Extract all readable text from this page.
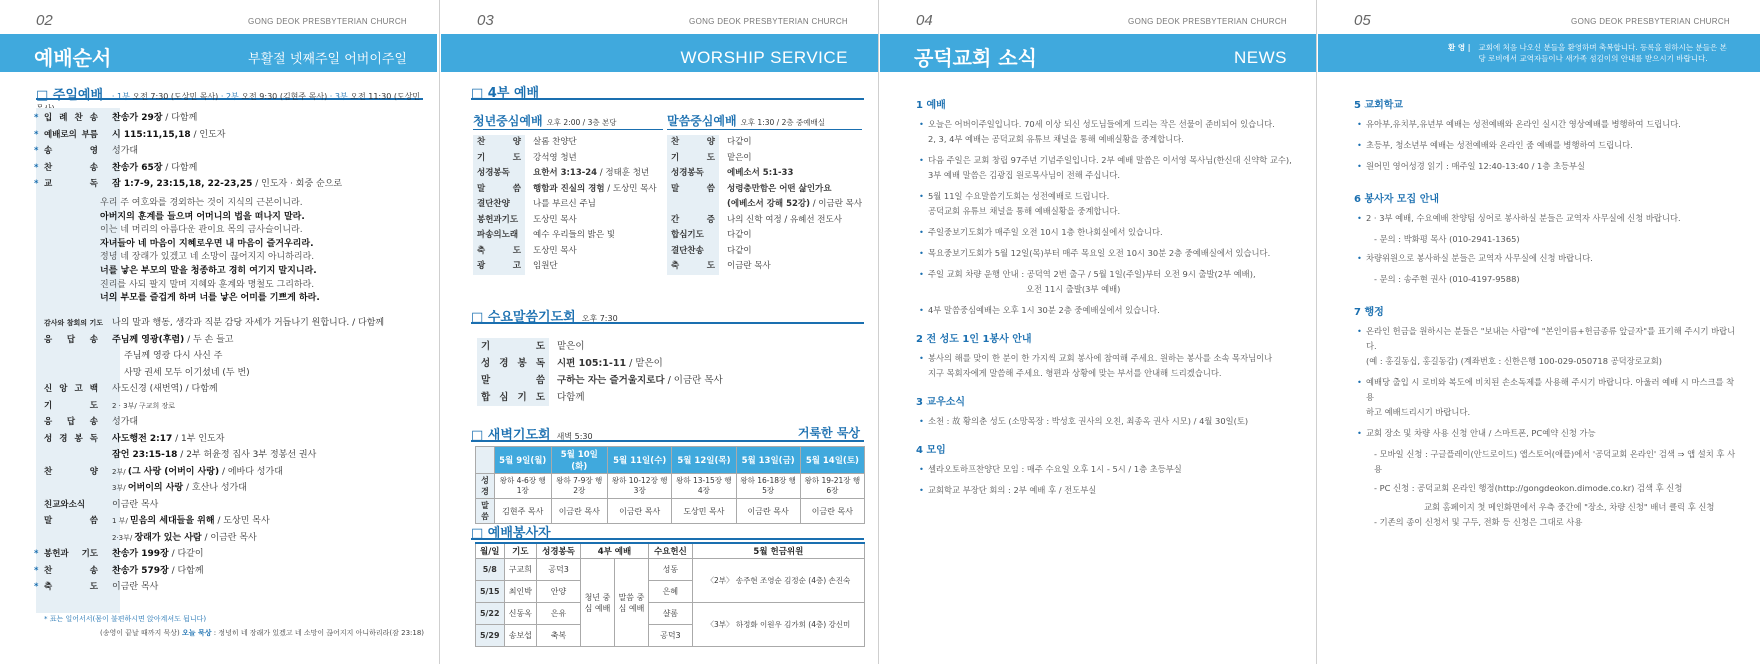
02	GONG DEOK PRESBYTERIAN CHURCH
예배순서	부활절 넷째주일 어버이주일
□ 주일예배 · 1부 오전 7:30 (도상민 목사) · 2부 오전 9:30 (김현주 목사) · 3부 오전 11:30 (도상민
* 입 례 찬 송	찬송가 29장 / 다함께
* 예배로의 부름	시 115:11,15,18 / 인도자
* 송 영	성가대
* 찬 송	찬송가 65장 / 다함께
* 교 독	잠 1:7-9, 23:15,18, 22-23,25 / 인도자 · 회중 순으로
우리 주 여호와를 경외하는 것이 지식의 근본이니라.
아버지의 훈계를 들으며 어머니의 법을 떠나지 말라.
이는 네 머리의 아름다운 관이요 목의 금사슬이니라.
자녀들아 네 마음이 지혜로우면 내 마음이 즐거우리라.
정녕 네 장래가 있겠고 네 소망이 끊어지지 아니하리라.
너를 낳은 부모의 말을 청종하고 경히 여기지 말지니라.
진리를 사되 팔지 말며 지혜와 훈계와 명철도 그리하라.
너의 부모를 즐겁게 하며 너를 낳은 어미를 기쁘게 하라.
감사와 참회의 기도	나의 말과 행동, 생각과 직분 감당 자세가 거듭나기 원합니다. / 다함께
응 답 송	주님께 영광(후렴) / 두 손 들고
주님께 영광 다시 사신 주
사망 권세 모두 이기셨네 (두 번)
신 앙 고 백	사도신경 (새번역) / 다함께
기 도	2 · 3부/ 구교희 장로
응 답 송	성가대
성 경 봉 독	사도행전 2:17 / 1부 인도자
잠언 23:15-18 / 2부 허윤정 집사 3부 정봉선 권사
찬 양	2부/ (그 사랑 (어버이 사랑) / 에바다 성가대
3부/ 어버이의 사랑 / 호산나 성가대
친교와소식	이금란 목사
말 씀	1 부/ 믿음의 세대들을 위해 / 도상민 목사
2·3부/ 장래가 있는 사람 / 이금란 목사
* 봉헌과 기도	찬송가 199장 / 다같이
* 찬 송	찬송가 579장 / 다함께
* 축 도	이금란 목사
* 표는 일어서서(몸이 불편하시면 앉아계셔도 됩니다)
(송영이 끝날 때까지 묵상) 오늘 묵상 : 정녕히 네 장래가 있겠고 네 소망이 끊어지지 아니하리라(잠 23:18)
03	GONG DEOK PRESBYTERIAN CHURCH
WORSHIP SERVICE
□ 4부 예배
청년중심예배 오후 2:00 / 3층 본당	말씀중심예배 오후 1:30 / 2층 중예배실
찬 양	살롬 찬양단
기 도	강석영 청년
성경봉독	요한서 3:13-24 / 정태훈 청년
말 씀	행함과 진실의 경험 / 도상민 목사
결단찬양	나를 부르신 주님
봉헌과기도	도상민 목사
파송의노래	예수 우리들의 밝은 빛
축 도	도상민 목사
광 고	임원단
찬 양	다같이
기 도	맡은이
성경봉독	에베소서 5:1-33
말 씀	성령충만함은 어떤 삶인가요
(에베소서 강해 52강) / 이금란 목사
간 증	나의 신학 여정 / 유혜선 전도사
합심기도	다같이
결단찬송	다같이
축 도	이금란 목사
□ 수요말씀기도회 오후 7:30
기 도	맡은이
성 경 봉 독	시편 105:1-11 / 맡은이
말 씀	구하는 자는 즐거울지로다 / 이금란 목사
합 심 기 도	다함께
□ 새벽기도회 새벽 5:30	거룩한 묵상
	5월 9일(월)	5월 10일(화)	5월 11일(수)	5월 12일(목)	5월 13일(금)	5월 14일(토)
성경	왕하 4-6장 행 1장	왕하 7-9장 행 2장	왕하 10-12장 행 3장	왕하 13-15장 행 4장	왕하 16-18장 행 5장	왕하 19-21장 행 6장
말씀	김현주 목사	이금란 목사	이금란 목사	도상민 목사	이금란 목사	이금란 목사
□ 예배봉사자
월/일	기도	성경봉독	4부 예배		수요헌신	5월 헌금위원
5/8	구교희	공덕3	청년 중심 예배	말씀 중심 예배	성동	〈2부〉 송주현 조영순 김정순 (4층) 손진숙
5/15	최인박	안양			은혜	
5/22	신동옥	은유			샬롬	〈3부〉 하정화 이원우 김가희 (4층) 강신미
5/29	송보섭	축복			공덕3	
04	GONG DEOK PRESBYTERIAN CHURCH
공덕교회 소식	NEWS
1 예배
• 오늘은 어버이주일입니다. 70세 이상 되신 성도님들에게 드리는 작은 선물이 준비되어 있습니다.
2, 3, 4부 예배는 공덕교회 유튜브 채널을 통해 예배실황을 중계합니다.
• 다음 주일은 교회 창립 97주년 기념주일입니다. 2부 예배 말씀은 이서영 목사님(한신대 신약학 교수),
3부 예배 말씀은 김광집 원로목사님이 전해 주십니다.
• 5월 11일 수요말씀기도회는 성전예배로 드립니다.
공덕교회 유튜브 채널을 통해 예배실황을 중계합니다.
• 주일중보기도회가 매주일 오전 10시 1층 한나회실에서 있습니다.
• 목요중보기도회가 5월 12일(목)부터 매주 목요일 오전 10시 30분 2층 중예배실에서 있습니다.
• 주일 교회 차량 운행 안내 : 공덕역 2번 출구 / 5월 1일(주일)부터 오전 9시 출발(2부 예배),
오전 11시 출발(3부 예배)
• 4부 말씀중심예배는 오후 1시 30분 2층 중예배실에서 있습니다.
2 전 성도 1인 1봉사 안내
• 봉사의 해를 맞이 한 분이 한 가지씩 교회 봉사에 참여해 주세요. 원하는 봉사를 소속 목자님이나
지구 목회자에게 말씀해 주세요. 형편과 상황에 맞는 부서를 안내해 드리겠습니다.
3 교우소식
• 소천 : 故 황의춘 성도 (소망목장 : 박성호 권사의 오친, 최종옥 권사 시모) / 4월 30일(토)
4 모임
• 셀라오토하프찬양단 모임 : 매주 수요일 오후 1시 - 5시 / 1층 초등부실
• 교회학교 부장단 회의 : 2부 예배 후 / 전도부실
05	GONG DEOK PRESBYTERIAN CHURCH
환 영 | 교회에 처음 나오신 분들을 환영하며 축복합니다. 등록을 원하시는 분들은 본당 로비에서 교역자들이나 새가족 섬김이의 안내를 받으시기 바랍니다.
5 교회학교
• 유아부,유치부,유년부 예배는 성전예배와 온라인 실시간 영상예배를 병행하여 드립니다.
• 초등부, 청소년부 예배는 성전예배와 온라인 줌 예배를 병행하여 드립니다.
• 원어민 영어성경 읽기 : 매주일 12:40-13:40 / 1층 초등부실
6 봉사자 모집 안내
• 2 · 3부 예배, 수요예배 찬양팀 싱어로 봉사하실 분들은 교역자 사무실에 신청 바랍니다.
- 문의 : 박화평 목사 (010-2941-1365)
• 차량위원으로 봉사하실 분들은 교역자 사무실에 신청 바랍니다.
- 문의 : 송주현 권사 (010-4197-9588)
7 행정
• 온라인 헌금을 원하시는 분들은 "보내는 사람"에 "본인이름+헌금종류 앞글자"를 표기해 주시기 바랍니다.
(예 : 홍길동십, 홍길동감) (계좌번호 : 신한은행 100-029-050718 공덕장로교회)
• 예배당 출입 시 로비와 복도에 비치된 손소독제를 사용해 주시기 바랍니다. 아울러 예배 시 마스크를 착용
하고 예배드리시기 바랍니다.
• 교회 장소 및 차량 사용 신청 안내 / 스마트폰, PC예약 신청 가능
- 모바일 신청 : 구글플레이(안드로이드) 앱스토어(애플)에서 '공덕교회 온라인' 검색 ⇒ 앱 설치 후 사용
- PC 신청 : 공덕교회 온라인 행정(http://gongdeokon.dimode.co.kr) 검색 후 신청
교회 홈페이지 첫 메인화면에서 우측 중간에 "장소, 차량 신청" 배너 클릭 후 신청
- 기존의 종이 신청서 및 구두, 전화 등 신청은 그대로 사용
